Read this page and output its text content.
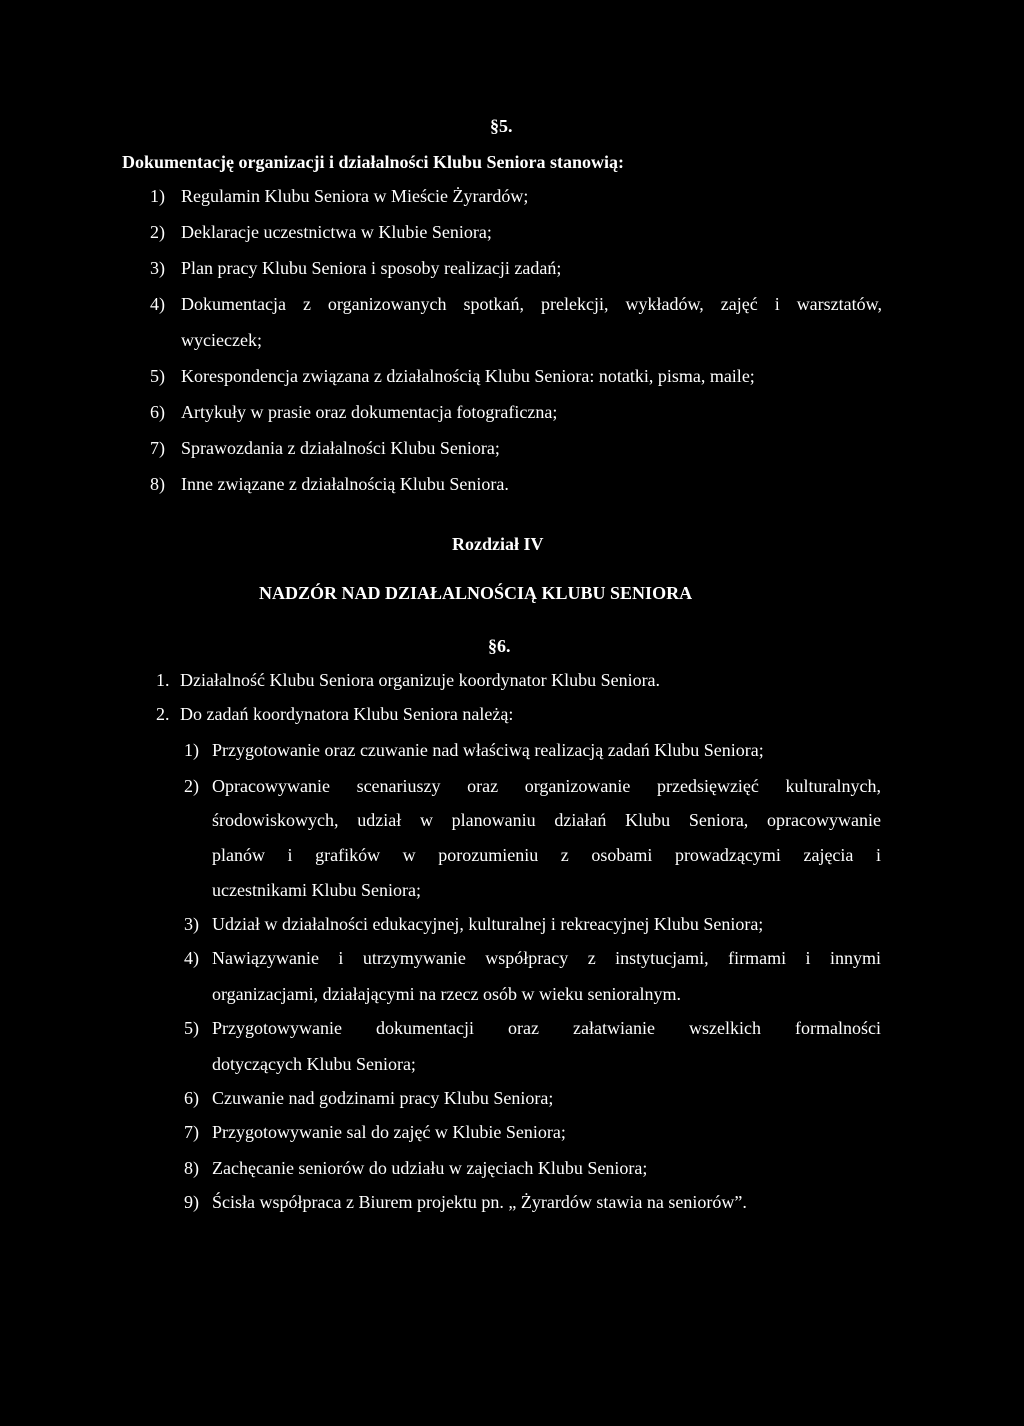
§5.
Dokumentację organizacji i działalności Klubu Seniora stanowią:
1) Regulamin Klubu Seniora w Mieście Żyrardów;
2) Deklaracje uczestnictwa w Klubie Seniora;
3) Plan pracy Klubu Seniora i sposoby realizacji zadań;
4) Dokumentacja z organizowanych spotkań, prelekcji, wykładów, zajęć i warsztatów,
wycieczek;
5) Korespondencja związana z działalnością Klubu Seniora: notatki, pisma, maile;
6) Artykuły w prasie oraz dokumentacja fotograficzna;
7) Sprawozdania z działalności Klubu Seniora;
8) Inne związane z działalnością Klubu Seniora.
Rozdział IV
NADZÓR NAD DZIAŁALNOŚCIĄ KLUBU SENIORA
§6.
1. Działalność Klubu Seniora organizuje koordynator Klubu Seniora.
2. Do zadań koordynatora Klubu Seniora należą:
1) Przygotowanie oraz czuwanie nad właściwą realizacją zadań Klubu Seniora;
2) Opracowywanie scenariuszy oraz organizowanie przedsięwzięć kulturalnych,
środowiskowych, udział w planowaniu działań Klubu Seniora, opracowywanie
planów i grafików w porozumieniu z osobami prowadzącymi zajęcia i
uczestnikami Klubu Seniora;
3) Udział w działalności edukacyjnej, kulturalnej i rekreacyjnej Klubu Seniora;
4) Nawiązywanie i utrzymywanie współpracy z instytucjami, firmami i innymi
organizacjami, działającymi na rzecz osób w wieku senioralnym.
5) Przygotowywanie dokumentacji oraz załatwianie wszelkich formalności
dotyczących Klubu Seniora;
6) Czuwanie nad godzinami pracy Klubu Seniora;
7) Przygotowywanie sal do zajęć w Klubie Seniora;
8) Zachęcanie seniorów do udziału w zajęciach Klubu Seniora;
9) Ścisła współpraca z Biurem projektu pn. „ Żyrardów stawia na seniorów”.
